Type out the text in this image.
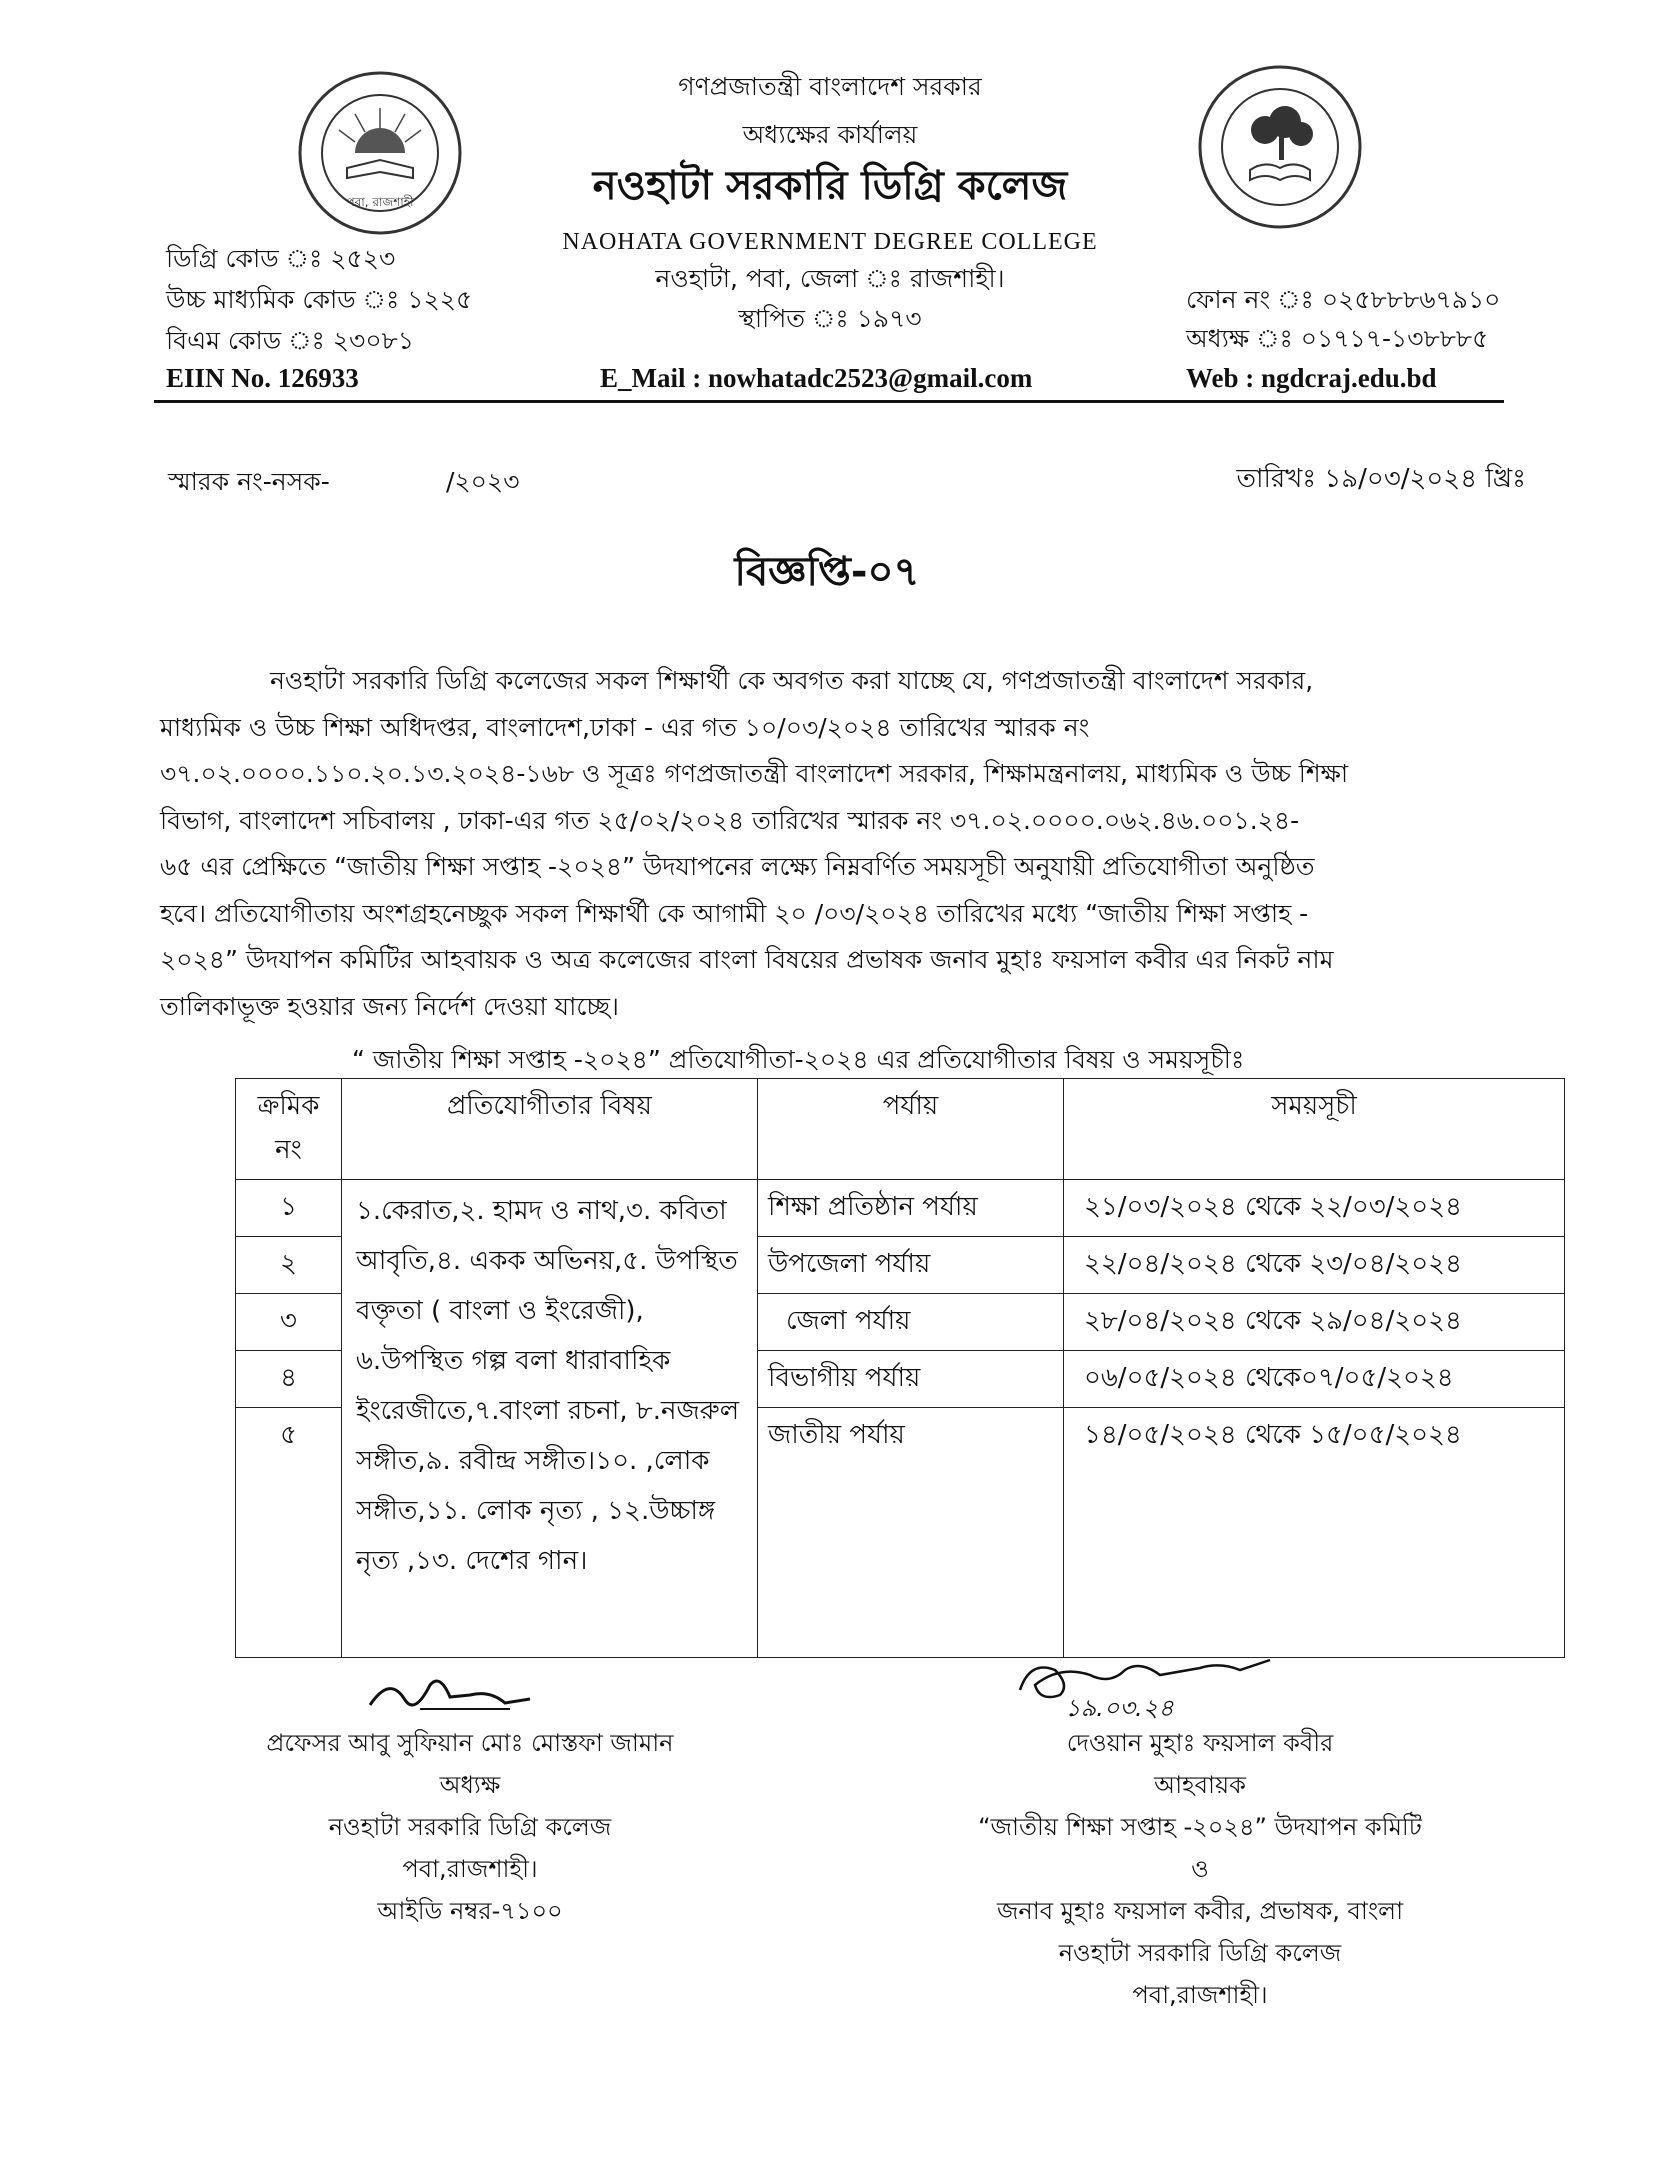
পবা, রাজশাহী
গণপ্রজাতন্ত্রী বাংলাদেশ সরকার
অধ্যক্ষের কার্যালয়
নওহাটা সরকারি ডিগ্রি কলেজ
NAOHATA GOVERNMENT DEGREE COLLEGE
নওহাটা, পবা, জেলা ঃ রাজশাহী।
স্থাপিত ঃ ১৯৭৩
ডিগ্রি কোড ঃ ২৫২৩
উচ্চ মাধ্যমিক কোড ঃ ১২২৫
বিএম কোড ঃ ২৩০৮১
EIIN No. 126933
ফোন নং ঃ ০২৫৮৮৮৬৭৯১০
অধ্যক্ষ ঃ ০১৭১৭-১৩৮৮৮৫
Web : ngdcraj.edu.bd
E_Mail : nowhatadc2523@gmail.com
স্মারক নং-নসক-	/২০২৩	তারিখঃ ১৯/০৩/২০২৪ খ্রিঃ
বিজ্ঞপ্তি-০৭
নওহাটা সরকারি ডিগ্রি কলেজের সকল শিক্ষার্থী কে অবগত করা যাচ্ছে যে, গণপ্রজাতন্ত্রী বাংলাদেশ সরকার,
মাধ্যমিক ও উচ্চ শিক্ষা অধিদপ্তর, বাংলাদেশ,ঢাকা - এর গত ১০/০৩/২০২৪ তারিখের স্মারক নং
৩৭.০২.০০০০.১১০.২০.১৩.২০২৪-১৬৮ ও সূত্রঃ গণপ্রজাতন্ত্রী বাংলাদেশ সরকার, শিক্ষামন্ত্রনালয়, মাধ্যমিক ও উচ্চ শিক্ষা
বিভাগ, বাংলাদেশ সচিবালয় , ঢাকা-এর গত ২৫/০২/২০২৪ তারিখের স্মারক নং ৩৭.০২.০০০০.০৬২.৪৬.০০১.২৪-
৬৫ এর প্রেক্ষিতে “জাতীয় শিক্ষা সপ্তাহ -২০২৪” উদযাপনের লক্ষ্যে নিম্নবর্ণিত সময়সূচী অনুযায়ী প্রতিযোগীতা অনুষ্ঠিত
হবে। প্রতিযোগীতায় অংশগ্রহনেচ্ছুক সকল শিক্ষার্থী কে আগামী ২০ /০৩/২০২৪ তারিখের মধ্যে “জাতীয় শিক্ষা সপ্তাহ -
২০২৪” উদযাপন কমিটির আহবায়ক ও অত্র কলেজের বাংলা বিষয়ের প্রভাষক জনাব মুহাঃ ফয়সাল কবীর এর নিকট নাম
তালিকাভূক্ত হওয়ার জন্য নির্দেশ দেওয়া যাচ্ছে।
“ জাতীয় শিক্ষা সপ্তাহ -২০২৪” প্রতিযোগীতা-২০২৪ এর প্রতিযোগীতার বিষয় ও সময়সূচীঃ
ক্রমিক নং	প্রতিযোগীতার বিষয়	পর্যায়	সময়সূচী
১	১.কেরাত,২. হামদ ও নাথ,৩. কবিতা আবৃতি,৪. একক অভিনয়,৫. উপস্থিত বক্তৃতা ( বাংলা ও ইংরেজী), ৬.উপস্থিত গল্প বলা ধারাবাহিক ইংরেজীতে,৭.বাংলা রচনা, ৮.নজরুল সঙ্গীত,৯. রবীন্দ্র সঙ্গীত।১০. ,লোক সঙ্গীত,১১. লোক নৃত্য , ১২.উচ্চাঙ্গ নৃত্য ,১৩. দেশের গান।	শিক্ষা প্রতিষ্ঠান পর্যায়	২১/০৩/২০২৪ থেকে ২২/০৩/২০২৪
২		উপজেলা পর্যায়	২২/০৪/২০২৪ থেকে ২৩/০৪/২০২৪
৩		জেলা পর্যায়	২৮/০৪/২০২৪ থেকে ২৯/০৪/২০২৪
৪		বিভাগীয় পর্যায়	০৬/০৫/২০২৪ থেকে০৭/০৫/২০২৪
৫		জাতীয় পর্যায়	১৪/০৫/২০২৪ থেকে ১৫/০৫/২০২৪
প্রফেসর আবু সুফিয়ান মোঃ মোস্তফা জামান
অধ্যক্ষ
নওহাটা সরকারি ডিগ্রি কলেজ
পবা,রাজশাহী।
আইডি নম্বর-৭১০০
১৯.০৩.২৪
দেওয়ান মুহাঃ ফয়সাল কবীর
আহবায়ক
“জাতীয় শিক্ষা সপ্তাহ -২০২৪” উদযাপন কমিটি
ও
জনাব মুহাঃ ফয়সাল কবীর, প্রভাষক, বাংলা
নওহাটা সরকারি ডিগ্রি কলেজ
পবা,রাজশাহী।
